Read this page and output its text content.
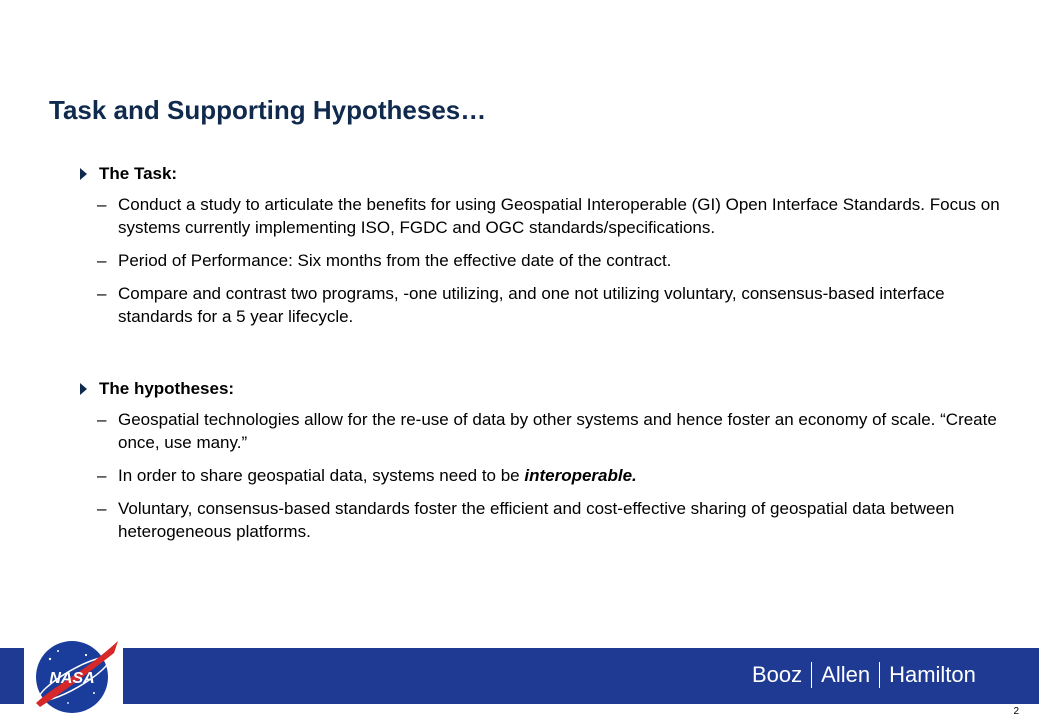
Task and Supporting Hypotheses…
The Task:
– Conduct a study to articulate the benefits for using Geospatial Interoperable (GI) Open Interface Standards. Focus on systems currently implementing ISO, FGDC and OGC standards/specifications.
– Period of Performance: Six months from the effective date of the contract.
– Compare and contrast two programs, -one utilizing, and one not utilizing voluntary, consensus-based interface standards for a 5 year lifecycle.
The hypotheses:
– Geospatial technologies allow for the re-use of data by other systems and hence foster an economy of scale. “Create once, use many.”
– In order to share geospatial data, systems need to be interoperable.
– Voluntary, consensus-based standards foster the efficient and cost-effective sharing of geospatial data between heterogeneous platforms.
NASA	Booz Allen Hamilton
2
